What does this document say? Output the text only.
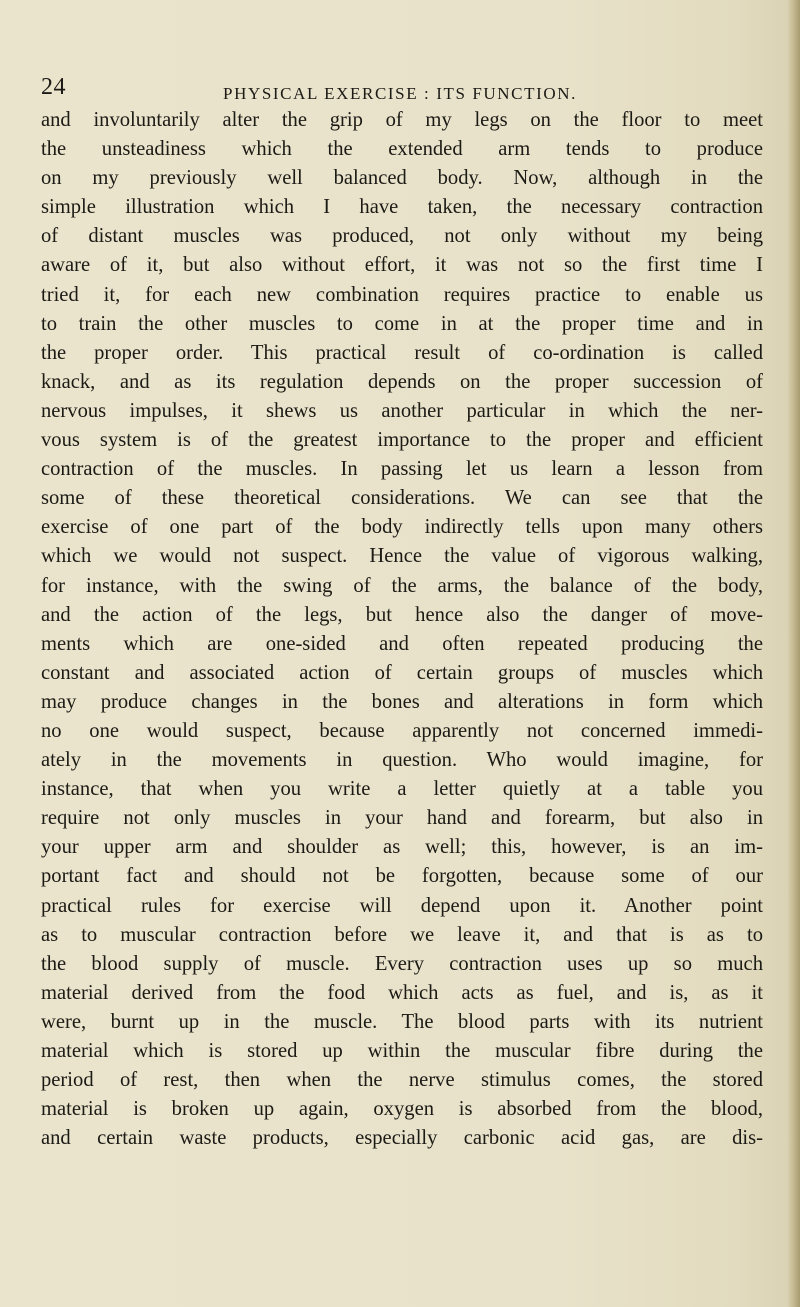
24	PHYSICAL EXERCISE : ITS FUNCTION.
and involuntarily alter the grip of my legs on the floor to meet
the unsteadiness which the extended arm tends to produce
on my previously well balanced body. Now, although in the
simple illustration which I have taken, the necessary contraction
of distant muscles was produced, not only without my being
aware of it, but also without effort, it was not so the first time I
tried it, for each new combination requires practice to enable us
to train the other muscles to come in at the proper time and in
the proper order. This practical result of co-ordination is called
knack, and as its regulation depends on the proper succession of
nervous impulses, it shews us another particular in which the ner-
vous system is of the greatest importance to the proper and efficient
contraction of the muscles. In passing let us learn a lesson from
some of these theoretical considerations. We can see that the
exercise of one part of the body indirectly tells upon many others
which we would not suspect. Hence the value of vigorous walking,
for instance, with the swing of the arms, the balance of the body,
and the action of the legs, but hence also the danger of move-
ments which are one-sided and often repeated producing the
constant and associated action of certain groups of muscles which
may produce changes in the bones and alterations in form which
no one would suspect, because apparently not concerned immedi-
ately in the movements in question. Who would imagine, for
instance, that when you write a letter quietly at a table you
require not only muscles in your hand and forearm, but also in
your upper arm and shoulder as well; this, however, is an im-
portant fact and should not be forgotten, because some of our
practical rules for exercise will depend upon it. Another point
as to muscular contraction before we leave it, and that is as to
the blood supply of muscle. Every contraction uses up so much
material derived from the food which acts as fuel, and is, as it
were, burnt up in the muscle. The blood parts with its nutrient
material which is stored up within the muscular fibre during the
period of rest, then when the nerve stimulus comes, the stored
material is broken up again, oxygen is absorbed from the blood,
and certain waste products, especially carbonic acid gas, are dis-
